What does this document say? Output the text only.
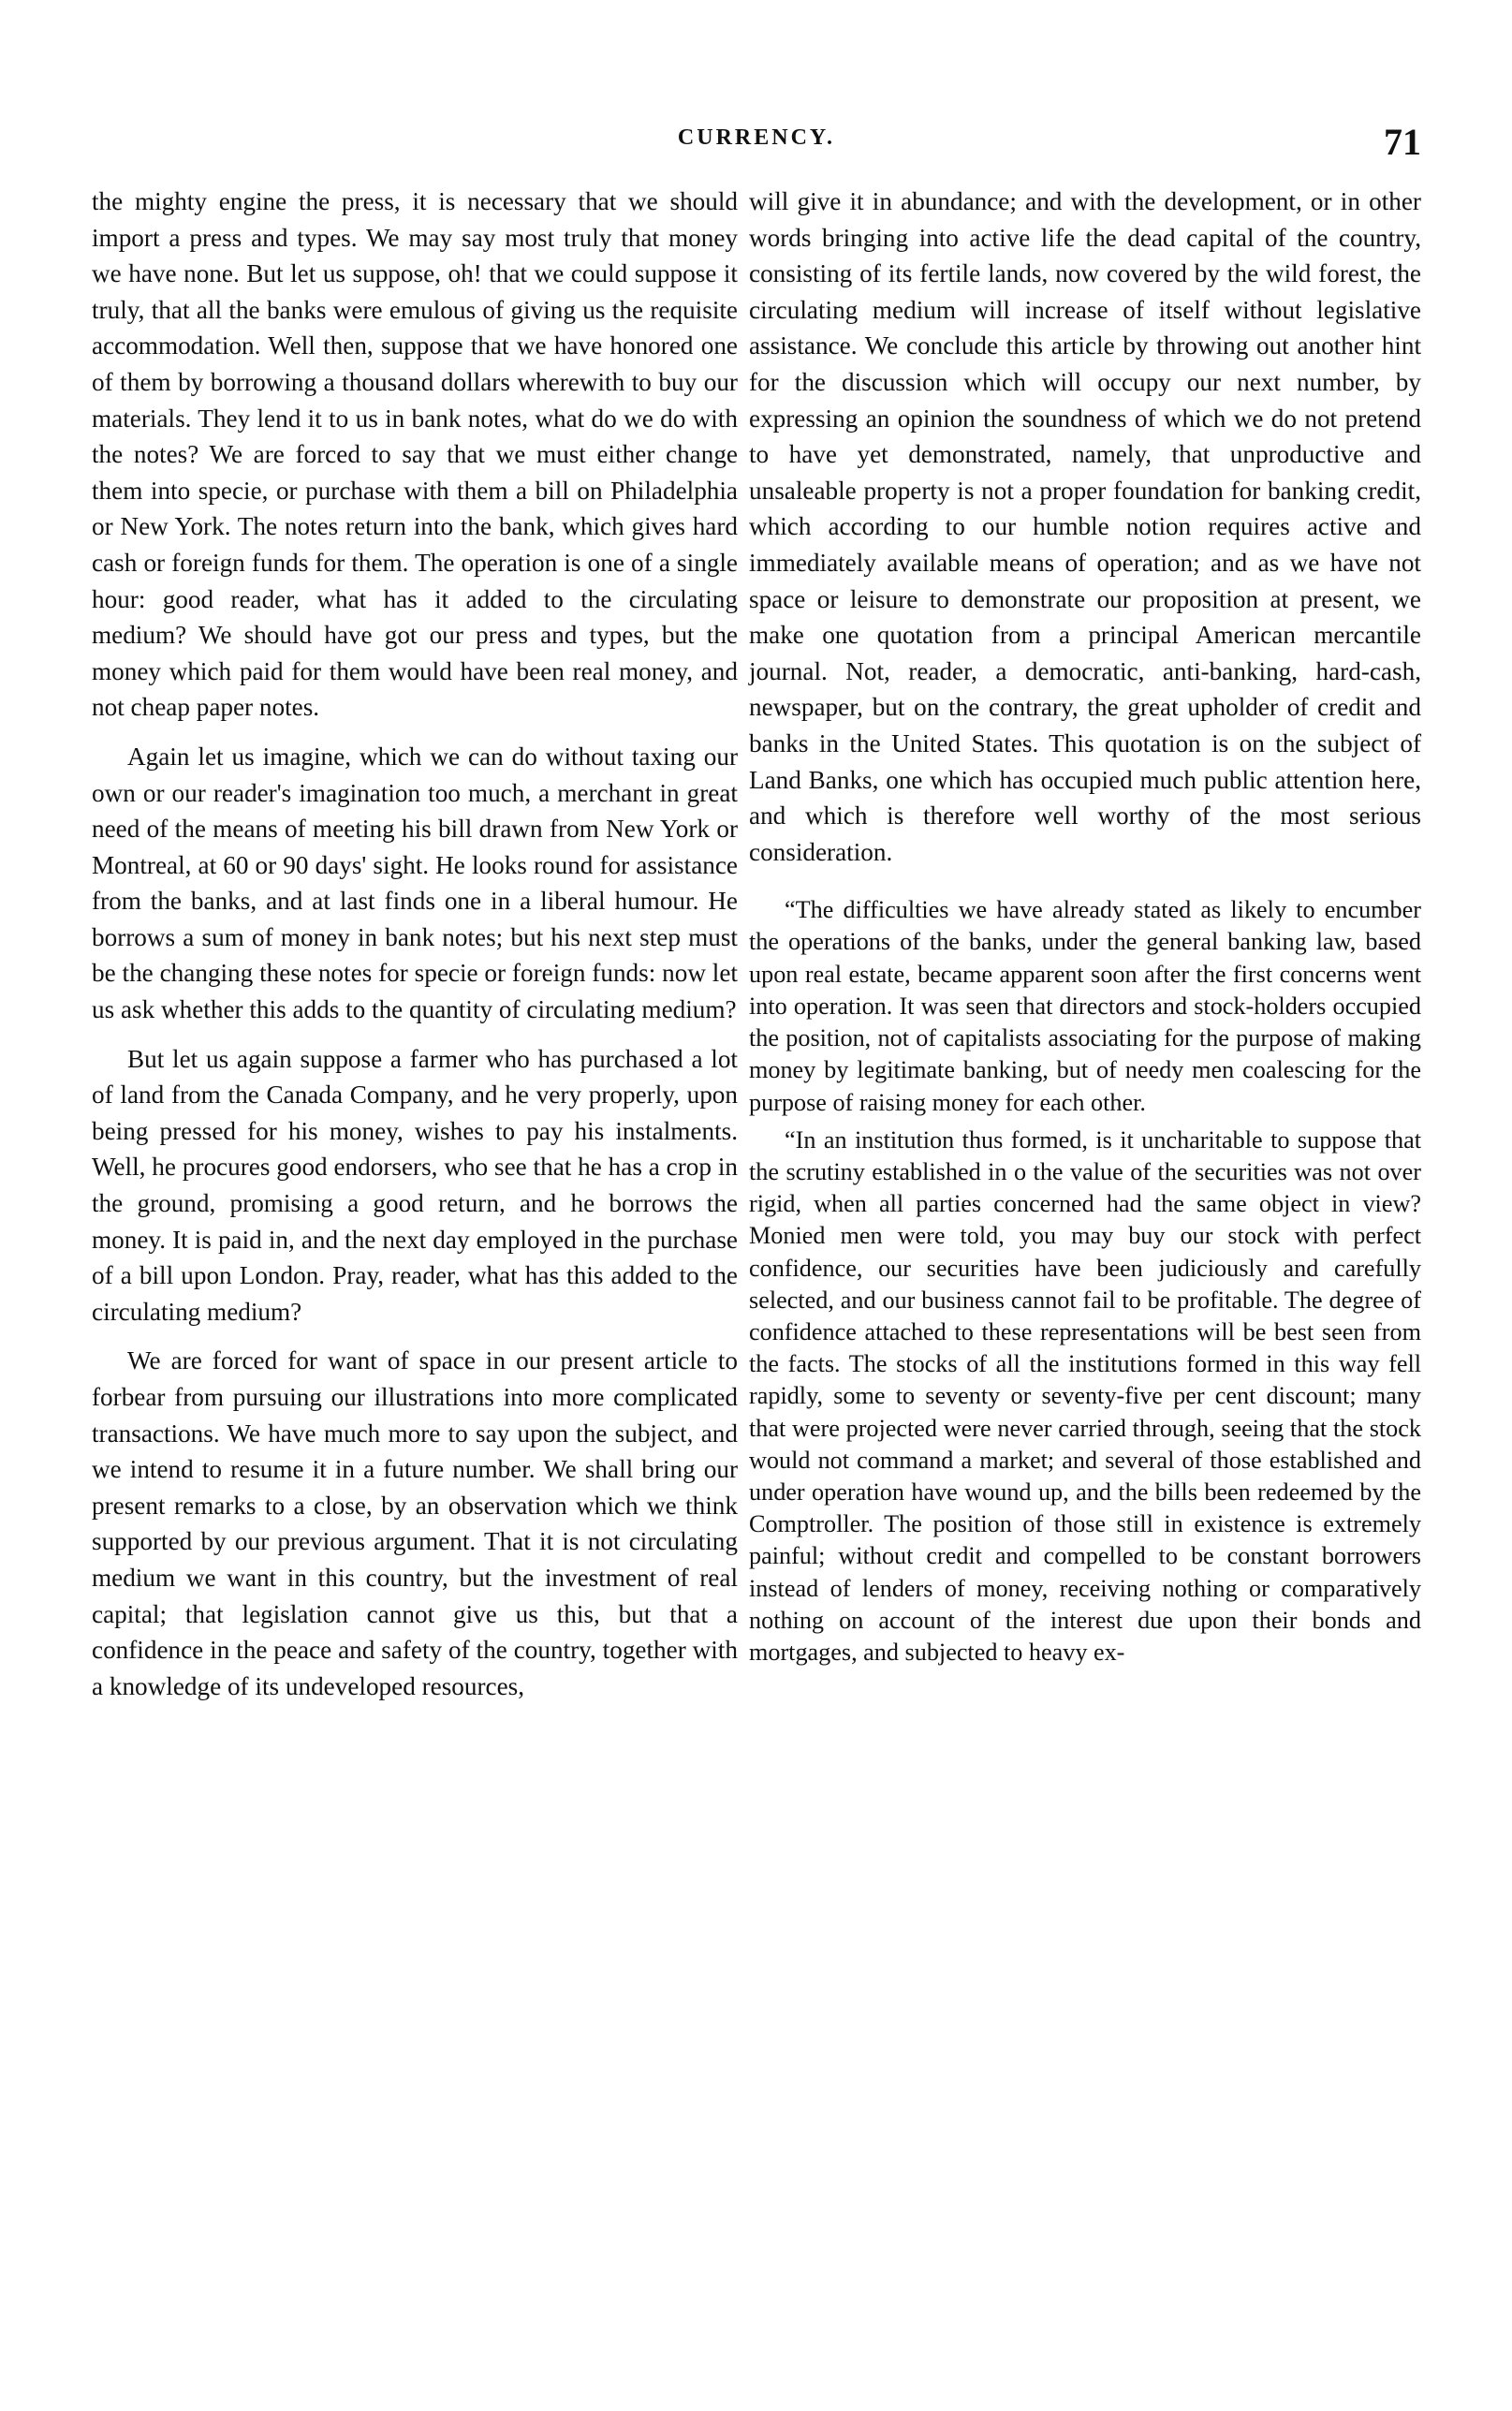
CURRENCY.	71

the mighty engine the press, it is necessary that we should import a press and types. We may say most truly that money we have none. But let us suppose, oh! that we could suppose it truly, that all the banks were emulous of giving us the requisite accommodation. Well then, suppose that we have honored one of them by borrowing a thousand dollars wherewith to buy our materials. They lend it to us in bank notes, what do we do with the notes? We are forced to say that we must either change them into specie, or purchase with them a bill on Philadelphia or New York. The notes return into the bank, which gives hard cash or foreign funds for them. The operation is one of a single hour: good reader, what has it added to the circulating medium? We should have got our press and types, but the money which paid for them would have been real money, and not cheap paper notes.

Again let us imagine, which we can do without taxing our own or our reader's imagination too much, a merchant in great need of the means of meeting his bill drawn from New York or Montreal, at 60 or 90 days' sight. He looks round for assistance from the banks, and at last finds one in a liberal humour. He borrows a sum of money in bank notes; but his next step must be the changing these notes for specie or foreign funds: now let us ask whether this adds to the quantity of circulating medium?

But let us again suppose a farmer who has purchased a lot of land from the Canada Company, and he very properly, upon being pressed for his money, wishes to pay his instalments. Well, he procures good endorsers, who see that he has a crop in the ground, promising a good return, and he borrows the money. It is paid in, and the next day employed in the purchase of a bill upon London. Pray, reader, what has this added to the circulating medium?

We are forced for want of space in our present article to forbear from pursuing our illustrations into more complicated transactions. We have much more to say upon the subject, and we intend to resume it in a future number. We shall bring our present remarks to a close, by an observation which we think supported by our previous argument. That it is not circulating medium we want in this country, but the investment of real capital; that legislation cannot give us this, but that a confidence in the peace and safety of the country, together with a knowledge of its undeveloped resources,

will give it in abundance; and with the development, or in other words bringing into active life the dead capital of the country, consisting of its fertile lands, now covered by the wild forest, the circulating medium will increase of itself without legislative assistance. We conclude this article by throwing out another hint for the discussion which will occupy our next number, by expressing an opinion the soundness of which we do not pretend to have yet demonstrated, namely, that unproductive and unsaleable property is not a proper foundation for banking credit, which according to our humble notion requires active and immediately available means of operation; and as we have not space or leisure to demonstrate our proposition at present, we make one quotation from a principal American mercantile journal. Not, reader, a democratic, anti-banking, hard-cash, newspaper, but on the contrary, the great upholder of credit and banks in the United States. This quotation is on the subject of Land Banks, one which has occupied much public attention here, and which is therefore well worthy of the most serious consideration.

“The difficulties we have already stated as likely to encumber the operations of the banks, under the general banking law, based upon real estate, became apparent soon after the first concerns went into operation. It was seen that directors and stock-holders occupied the position, not of capitalists associating for the purpose of making money by legitimate banking, but of needy men coalescing for the purpose of raising money for each other.

“In an institution thus formed, is it uncharitable to suppose that the scrutiny established in o the value of the securities was not over rigid, when all parties concerned had the same object in view? Monied men were told, you may buy our stock with perfect confidence, our securities have been judiciously and carefully selected, and our business cannot fail to be profitable. The degree of confidence attached to these representations will be best seen from the facts. The stocks of all the institutions formed in this way fell rapidly, some to seventy or seventy-five per cent discount; many that were projected were never carried through, seeing that the stock would not command a market; and several of those established and under operation have wound up, and the bills been redeemed by the Comptroller. The position of those still in existence is extremely painful; without credit and compelled to be constant borrowers instead of lenders of money, receiving nothing or comparatively nothing on account of the interest due upon their bonds and mortgages, and subjected to heavy ex-
